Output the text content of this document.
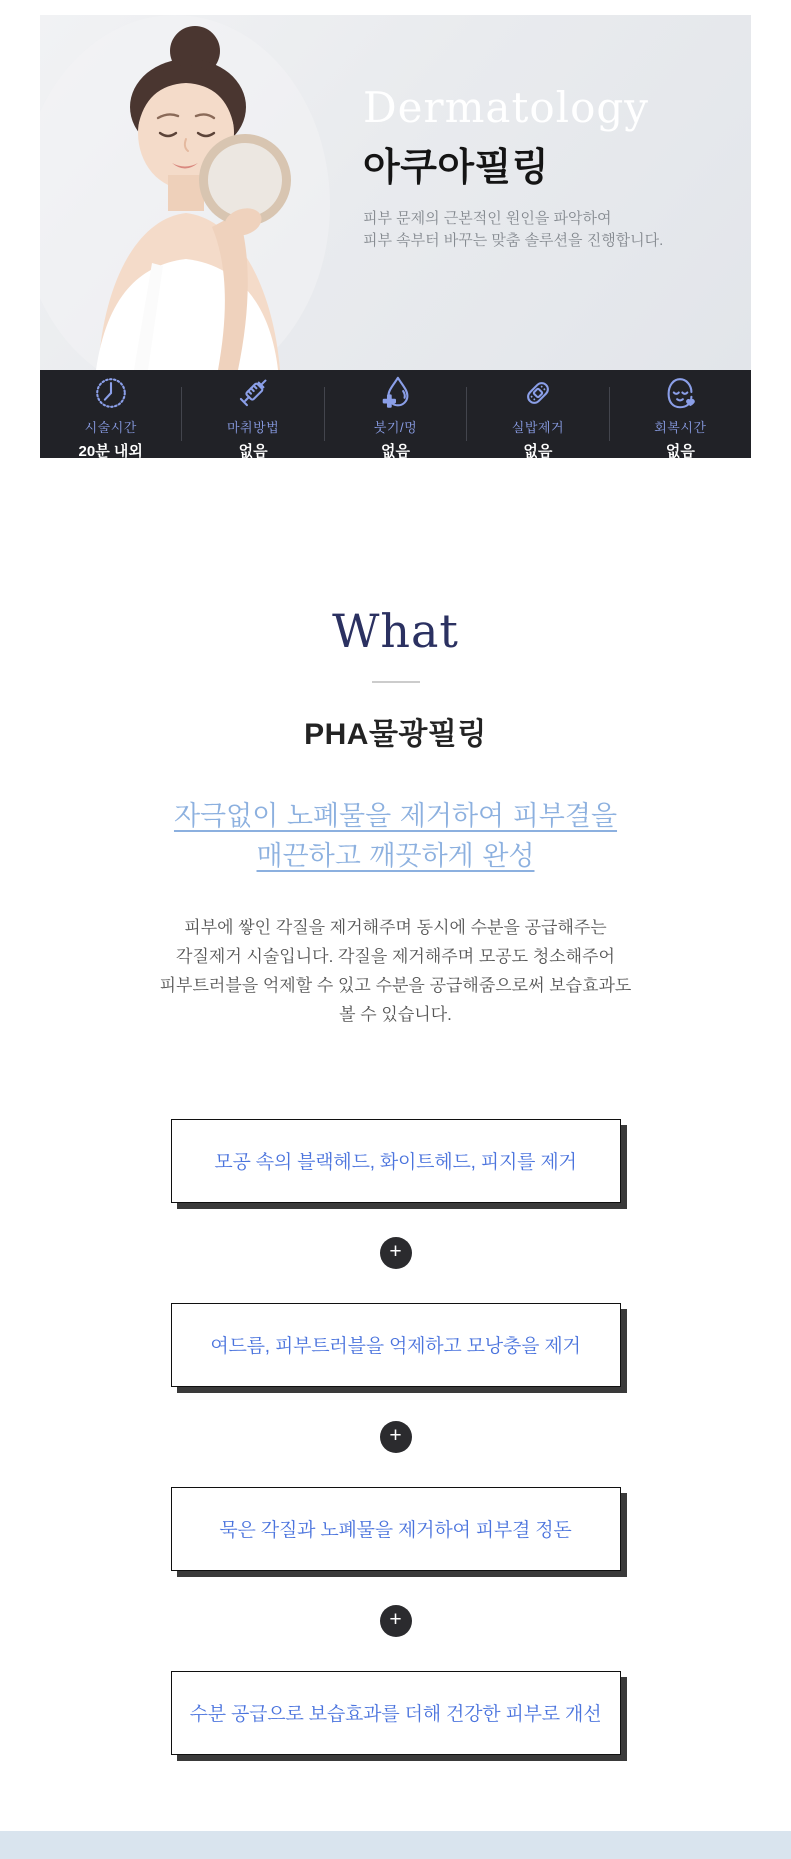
Dermatology
아쿠아필링
피부 문제의 근본적인 원인을 파악하여
피부 속부터 바꾸는 맞춤 솔루션을 진행합니다.
시술시간
20분 내외
마취방법
없음
붓기/멍
없음
실밥제거
없음
회복시간
없음
What
PHA물광필링
자극없이 노폐물을 제거하여 피부결을
매끈하고 깨끗하게 완성
피부에 쌓인 각질을 제거해주며 동시에 수분을 공급해주는
각질제거 시술입니다. 각질을 제거해주며 모공도 청소해주어
피부트러블을 억제할 수 있고 수분을 공급해줌으로써 보습효과도
볼 수 있습니다.
모공 속의 블랙헤드, 화이트헤드, 피지를 제거
+
여드름, 피부트러블을 억제하고 모낭충을 제거
+
묵은 각질과 노폐물을 제거하여 피부결 정돈
+
수분 공급으로 보습효과를 더해 건강한 피부로 개선
